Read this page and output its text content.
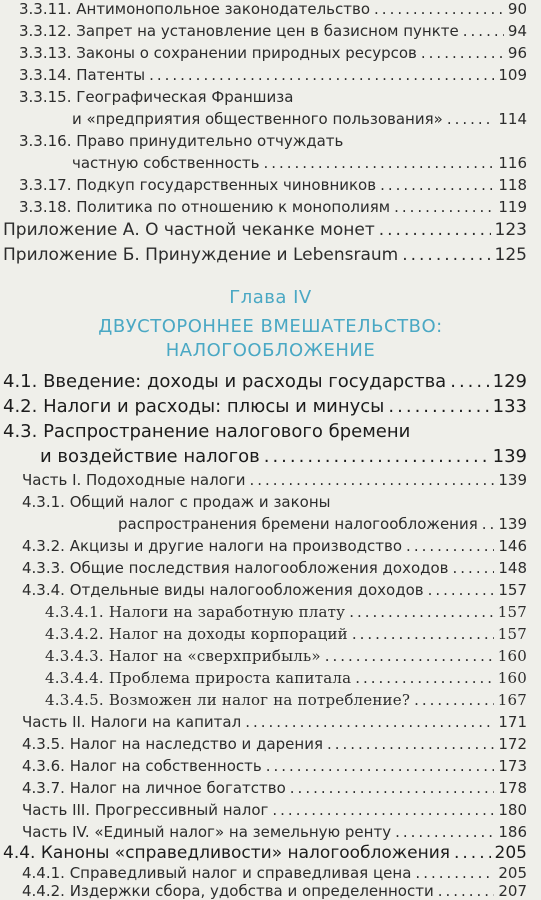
3.3.11. Антимонопольное законодательство .....	90
3.3.12. Запрет на установление цен в базисном пункте .....	94
3.3.13. Законы о сохранении природных ресурсов .....	96
3.3.14. Патенты .....	109
3.3.15. Географическая Франшиза
и «предприятия общественного пользования» .....	114
3.3.16. Право принудительно отчуждать
частную собственность .....	116
3.3.17. Подкуп государственных чиновников .....	118
3.3.18. Политика по отношению к монополиям .....	119
Приложение А. О частной чеканке монет .....	123
Приложение Б. Принуждение и Lebensraum .....	125
Глава IV
ДВУСТОРОННЕЕ ВМЕШАТЕЛЬСТВО:
НАЛОГООБЛОЖЕНИЕ
4.1. Введение: доходы и расходы государства .....	129
4.2. Налоги и расходы: плюсы и минусы .....	133
4.3. Распространение налогового бремени
и воздействие налогов .....	139
Часть I. Подоходные налоги .....	139
4.3.1. Общий налог с продаж и законы
распространения бремени налогообложения ..... 139
4.3.2. Акцизы и другие налоги на производство .....	146
4.3.3. Общие последствия налогообложения доходов .....	148
4.3.4. Отдельные виды налогообложения доходов .....	157
4.3.4.1. Налоги на заработную плату .....	157
4.3.4.2. Налог на доходы корпораций .....	157
4.3.4.3. Налог на «сверхприбыль» .....	160
4.3.4.4. Проблема прироста капитала .....	160
4.3.4.5. Возможен ли налог на потребление? .....	167
Часть II. Налоги на капитал .....	171
4.3.5. Налог на наследство и дарения .....	172
4.3.6. Налог на собственность .....	173
4.3.7. Налог на личное богатство .....	178
Часть III. Прогрессивный налог .....	180
Часть IV. «Единый налог» на земельную ренту .....	186
4.4. Каноны «справедливости» налогообложения .....	205
4.4.1. Справедливый налог и справедливая цена .....	205
4.4.2. Издержки сбора, удобства и определенности .....	207
